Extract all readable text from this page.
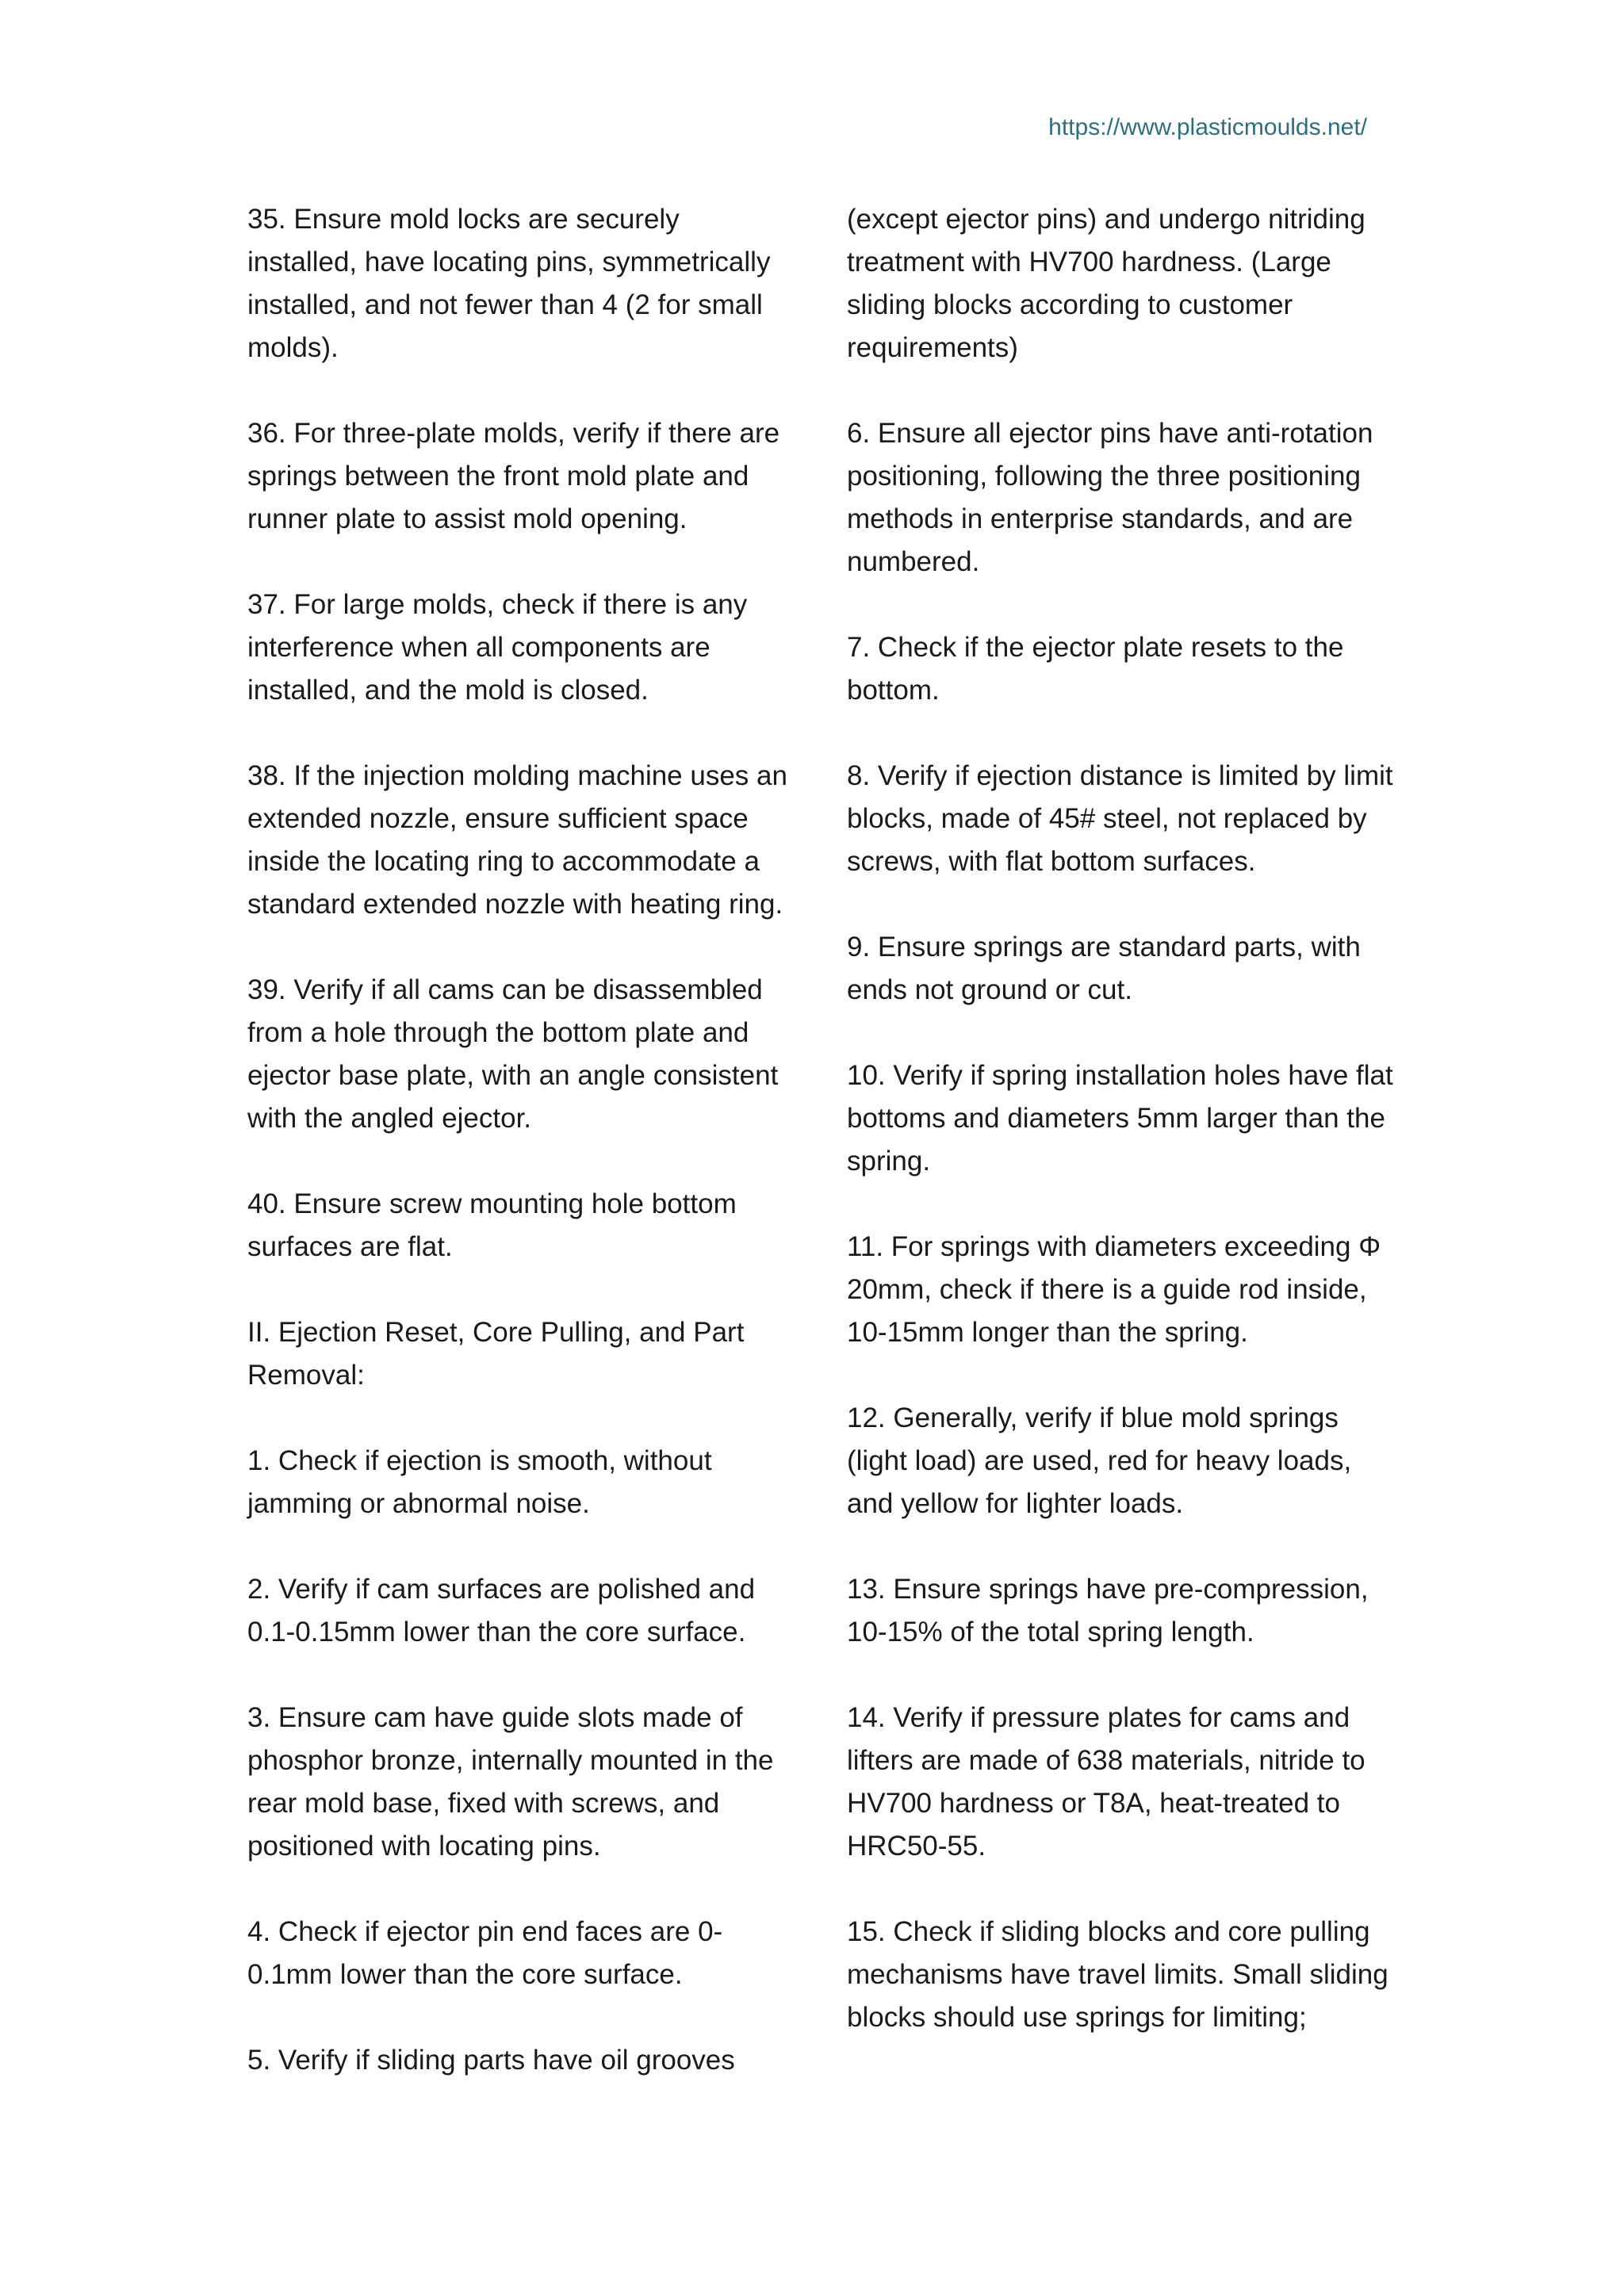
https://www.plasticmoulds.net/

35. Ensure mold locks are securely installed, have locating pins, symmetrically installed, and not fewer than 4 (2 for small molds).

36. For three-plate molds, verify if there are springs between the front mold plate and runner plate to assist mold opening.

37. For large molds, check if there is any interference when all components are installed, and the mold is closed.

38. If the injection molding machine uses an extended nozzle, ensure sufficient space inside the locating ring to accommodate a standard extended nozzle with heating ring.

39. Verify if all cams can be disassembled from a hole through the bottom plate and ejector base plate, with an angle consistent with the angled ejector.

40. Ensure screw mounting hole bottom surfaces are flat.

II. Ejection Reset, Core Pulling, and Part Removal:

1. Check if ejection is smooth, without jamming or abnormal noise.

2. Verify if cam surfaces are polished and 0.1-0.15mm lower than the core surface.

3. Ensure cam have guide slots made of phosphor bronze, internally mounted in the rear mold base, fixed with screws, and positioned with locating pins.

4. Check if ejector pin end faces are 0-0.1mm lower than the core surface.

5. Verify if sliding parts have oil grooves

(except ejector pins) and undergo nitriding treatment with HV700 hardness. (Large sliding blocks according to customer requirements)

6. Ensure all ejector pins have anti-rotation positioning, following the three positioning methods in enterprise standards, and are numbered.

7. Check if the ejector plate resets to the bottom.

8. Verify if ejection distance is limited by limit blocks, made of 45# steel, not replaced by screws, with flat bottom surfaces.

9. Ensure springs are standard parts, with ends not ground or cut.

10. Verify if spring installation holes have flat bottoms and diameters 5mm larger than the spring.

11. For springs with diameters exceeding Φ 20mm, check if there is a guide rod inside, 10-15mm longer than the spring.

12. Generally, verify if blue mold springs (light load) are used, red for heavy loads, and yellow for lighter loads.

13. Ensure springs have pre-compression, 10-15% of the total spring length.

14. Verify if pressure plates for cams and lifters are made of 638 materials, nitride to HV700 hardness or T8A, heat-treated to HRC50-55.

15. Check if sliding blocks and core pulling mechanisms have travel limits. Small sliding blocks should use springs for limiting;
